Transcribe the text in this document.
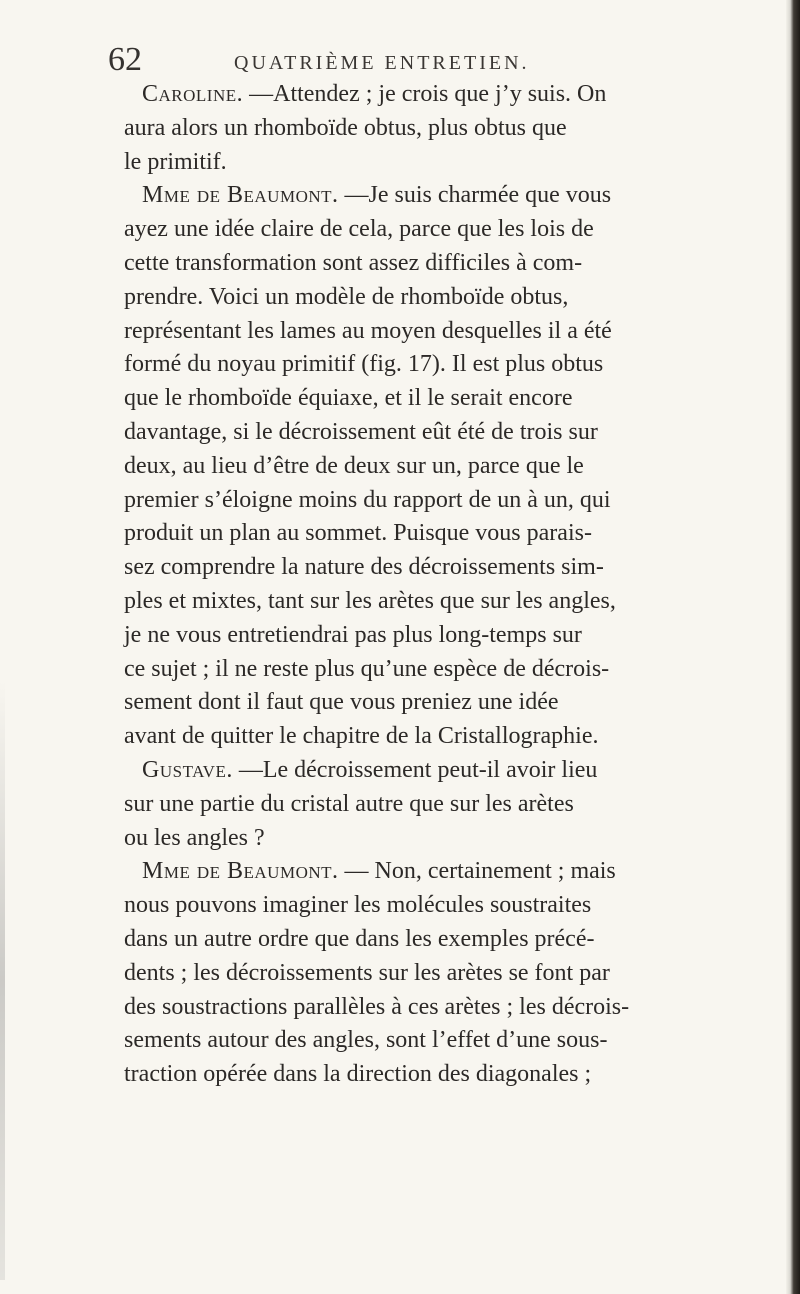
62	QUATRIÈME ENTRETIEN.
Caroline. —Attendez ; je crois que j’y suis. On
aura alors un rhomboïde obtus, plus obtus que
le primitif.
Mme de Beaumont. —Je suis charmée que vous
ayez une idée claire de cela, parce que les lois de
cette transformation sont assez difficiles à com-
prendre. Voici un modèle de rhomboïde obtus,
représentant les lames au moyen desquelles il a été
formé du noyau primitif (fig. 17). Il est plus obtus
que le rhomboïde équiaxe, et il le serait encore
davantage, si le décroissement eût été de trois sur
deux, au lieu d’être de deux sur un, parce que le
premier s’éloigne moins du rapport de un à un, qui
produit un plan au sommet. Puisque vous parais-
sez comprendre la nature des décroissements sim-
ples et mixtes, tant sur les arètes que sur les angles,
je ne vous entretiendrai pas plus long-temps sur
ce sujet ; il ne reste plus qu’une espèce de décrois-
sement dont il faut que vous preniez une idée
avant de quitter le chapitre de la Cristallographie.
Gustave. —Le décroissement peut-il avoir lieu
sur une partie du cristal autre que sur les arètes
ou les angles ?
Mme de Beaumont. — Non, certainement ; mais
nous pouvons imaginer les molécules soustraites
dans un autre ordre que dans les exemples précé-
dents ; les décroissements sur les arètes se font par
des soustractions parallèles à ces arètes ; les décrois-
sements autour des angles, sont l’effet d’une sous-
traction opérée dans la direction des diagonales ;
